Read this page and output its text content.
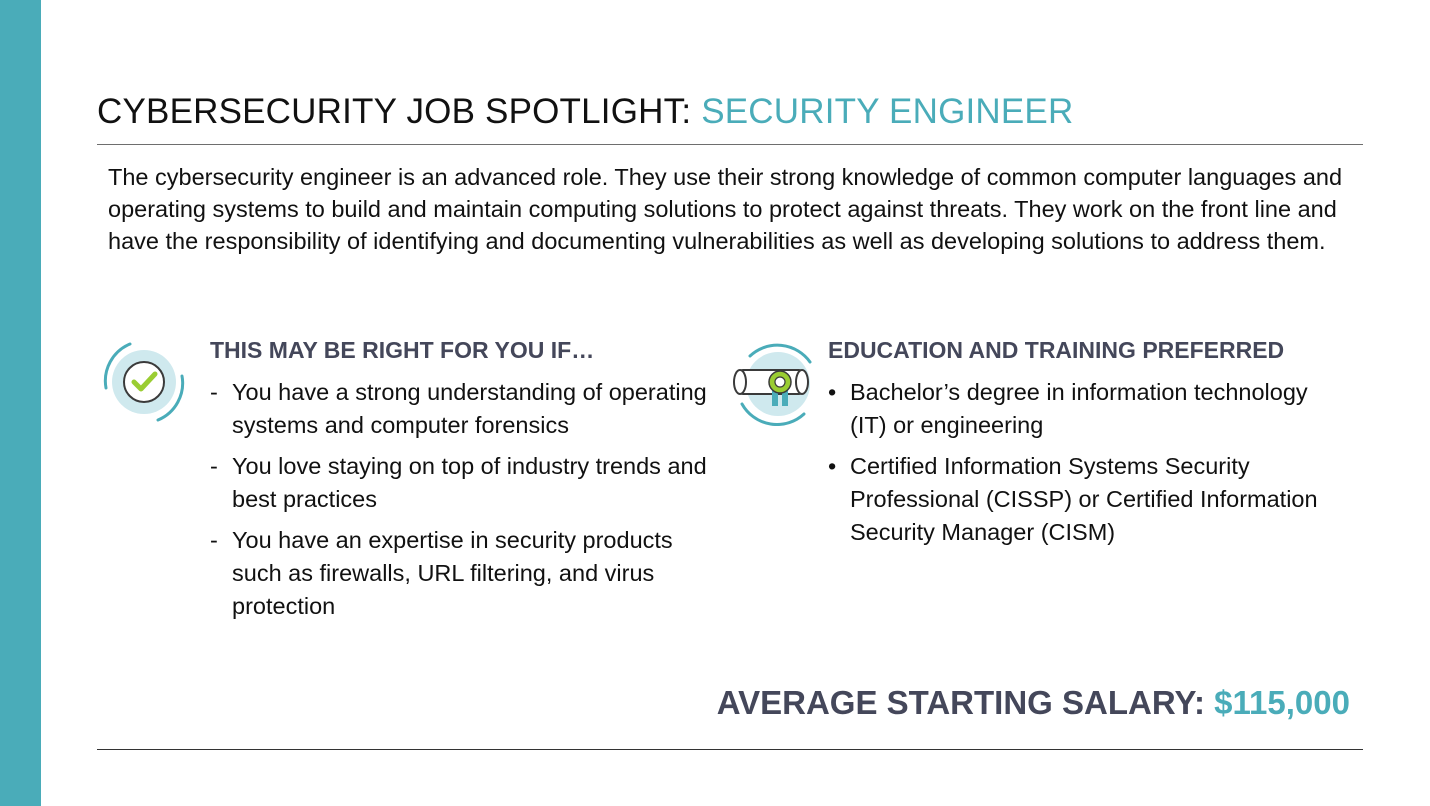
CYBERSECURITY JOB SPOTLIGHT: SECURITY ENGINEER
The cybersecurity engineer is an advanced role. They use their strong knowledge of common computer languages and operating systems to build and maintain computing solutions to protect against threats. They work on the front line and have the responsibility of identifying and documenting vulnerabilities as well as developing solutions to address them.
THIS MAY BE RIGHT FOR YOU IF…
- You have a strong understanding of operating systems and computer forensics
- You love staying on top of industry trends and best practices
- You have an expertise in security products such as firewalls, URL filtering, and virus protection
EDUCATION AND TRAINING PREFERRED
• Bachelor’s degree in information technology (IT) or engineering
• Certified Information Systems Security Professional (CISSP) or Certified Information Security Manager (CISM)
AVERAGE STARTING SALARY: $115,000
